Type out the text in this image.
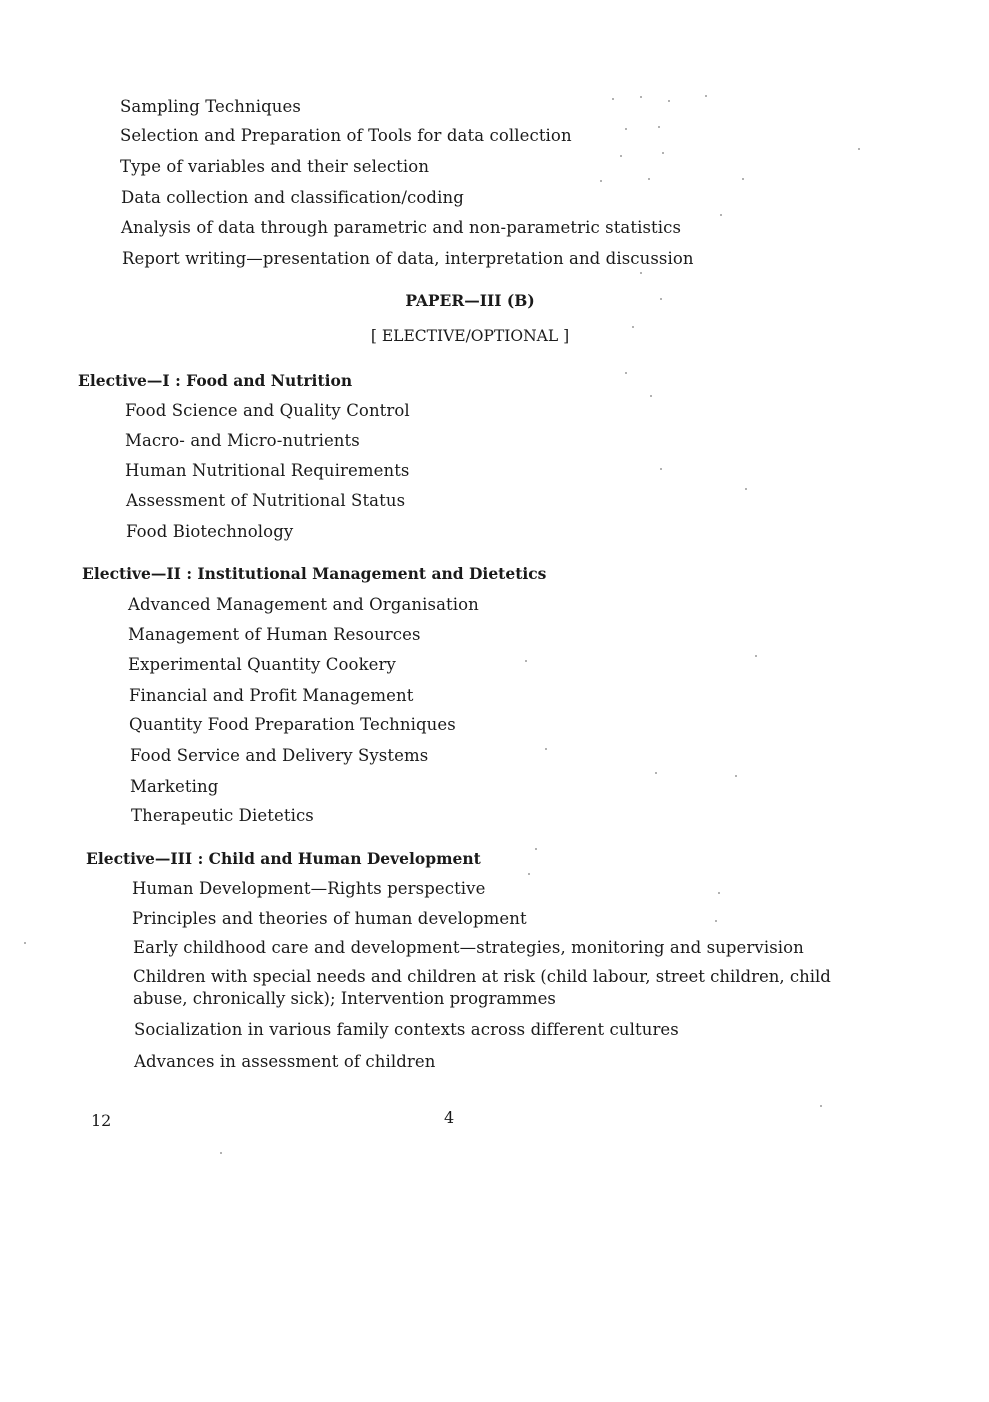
Sampling Techniques
Selection and Preparation of Tools for data collection
Type of variables and their selection
Data collection and classification/coding
Analysis of data through parametric and non-parametric statistics
Report writing—presentation of data, interpretation and discussion
PAPER—III (B)
[ ELECTIVE/OPTIONAL ]
Elective—I : Food and Nutrition
Food Science and Quality Control
Macro- and Micro-nutrients
Human Nutritional Requirements
Assessment of Nutritional Status
Food Biotechnology
Elective—II : Institutional Management and Dietetics
Advanced Management and Organisation
Management of Human Resources
Experimental Quantity Cookery
Financial and Profit Management
Quantity Food Preparation Techniques
Food Service and Delivery Systems
Marketing
Therapeutic Dietetics
Elective—III : Child and Human Development
Human Development—Rights perspective
Principles and theories of human development
Early childhood care and development—strategies, monitoring and supervision
Children with special needs and children at risk (child labour, street children, child abuse, chronically sick); Intervention programmes
Socialization in various family contexts across different cultures
Advances in assessment of children
12	4
